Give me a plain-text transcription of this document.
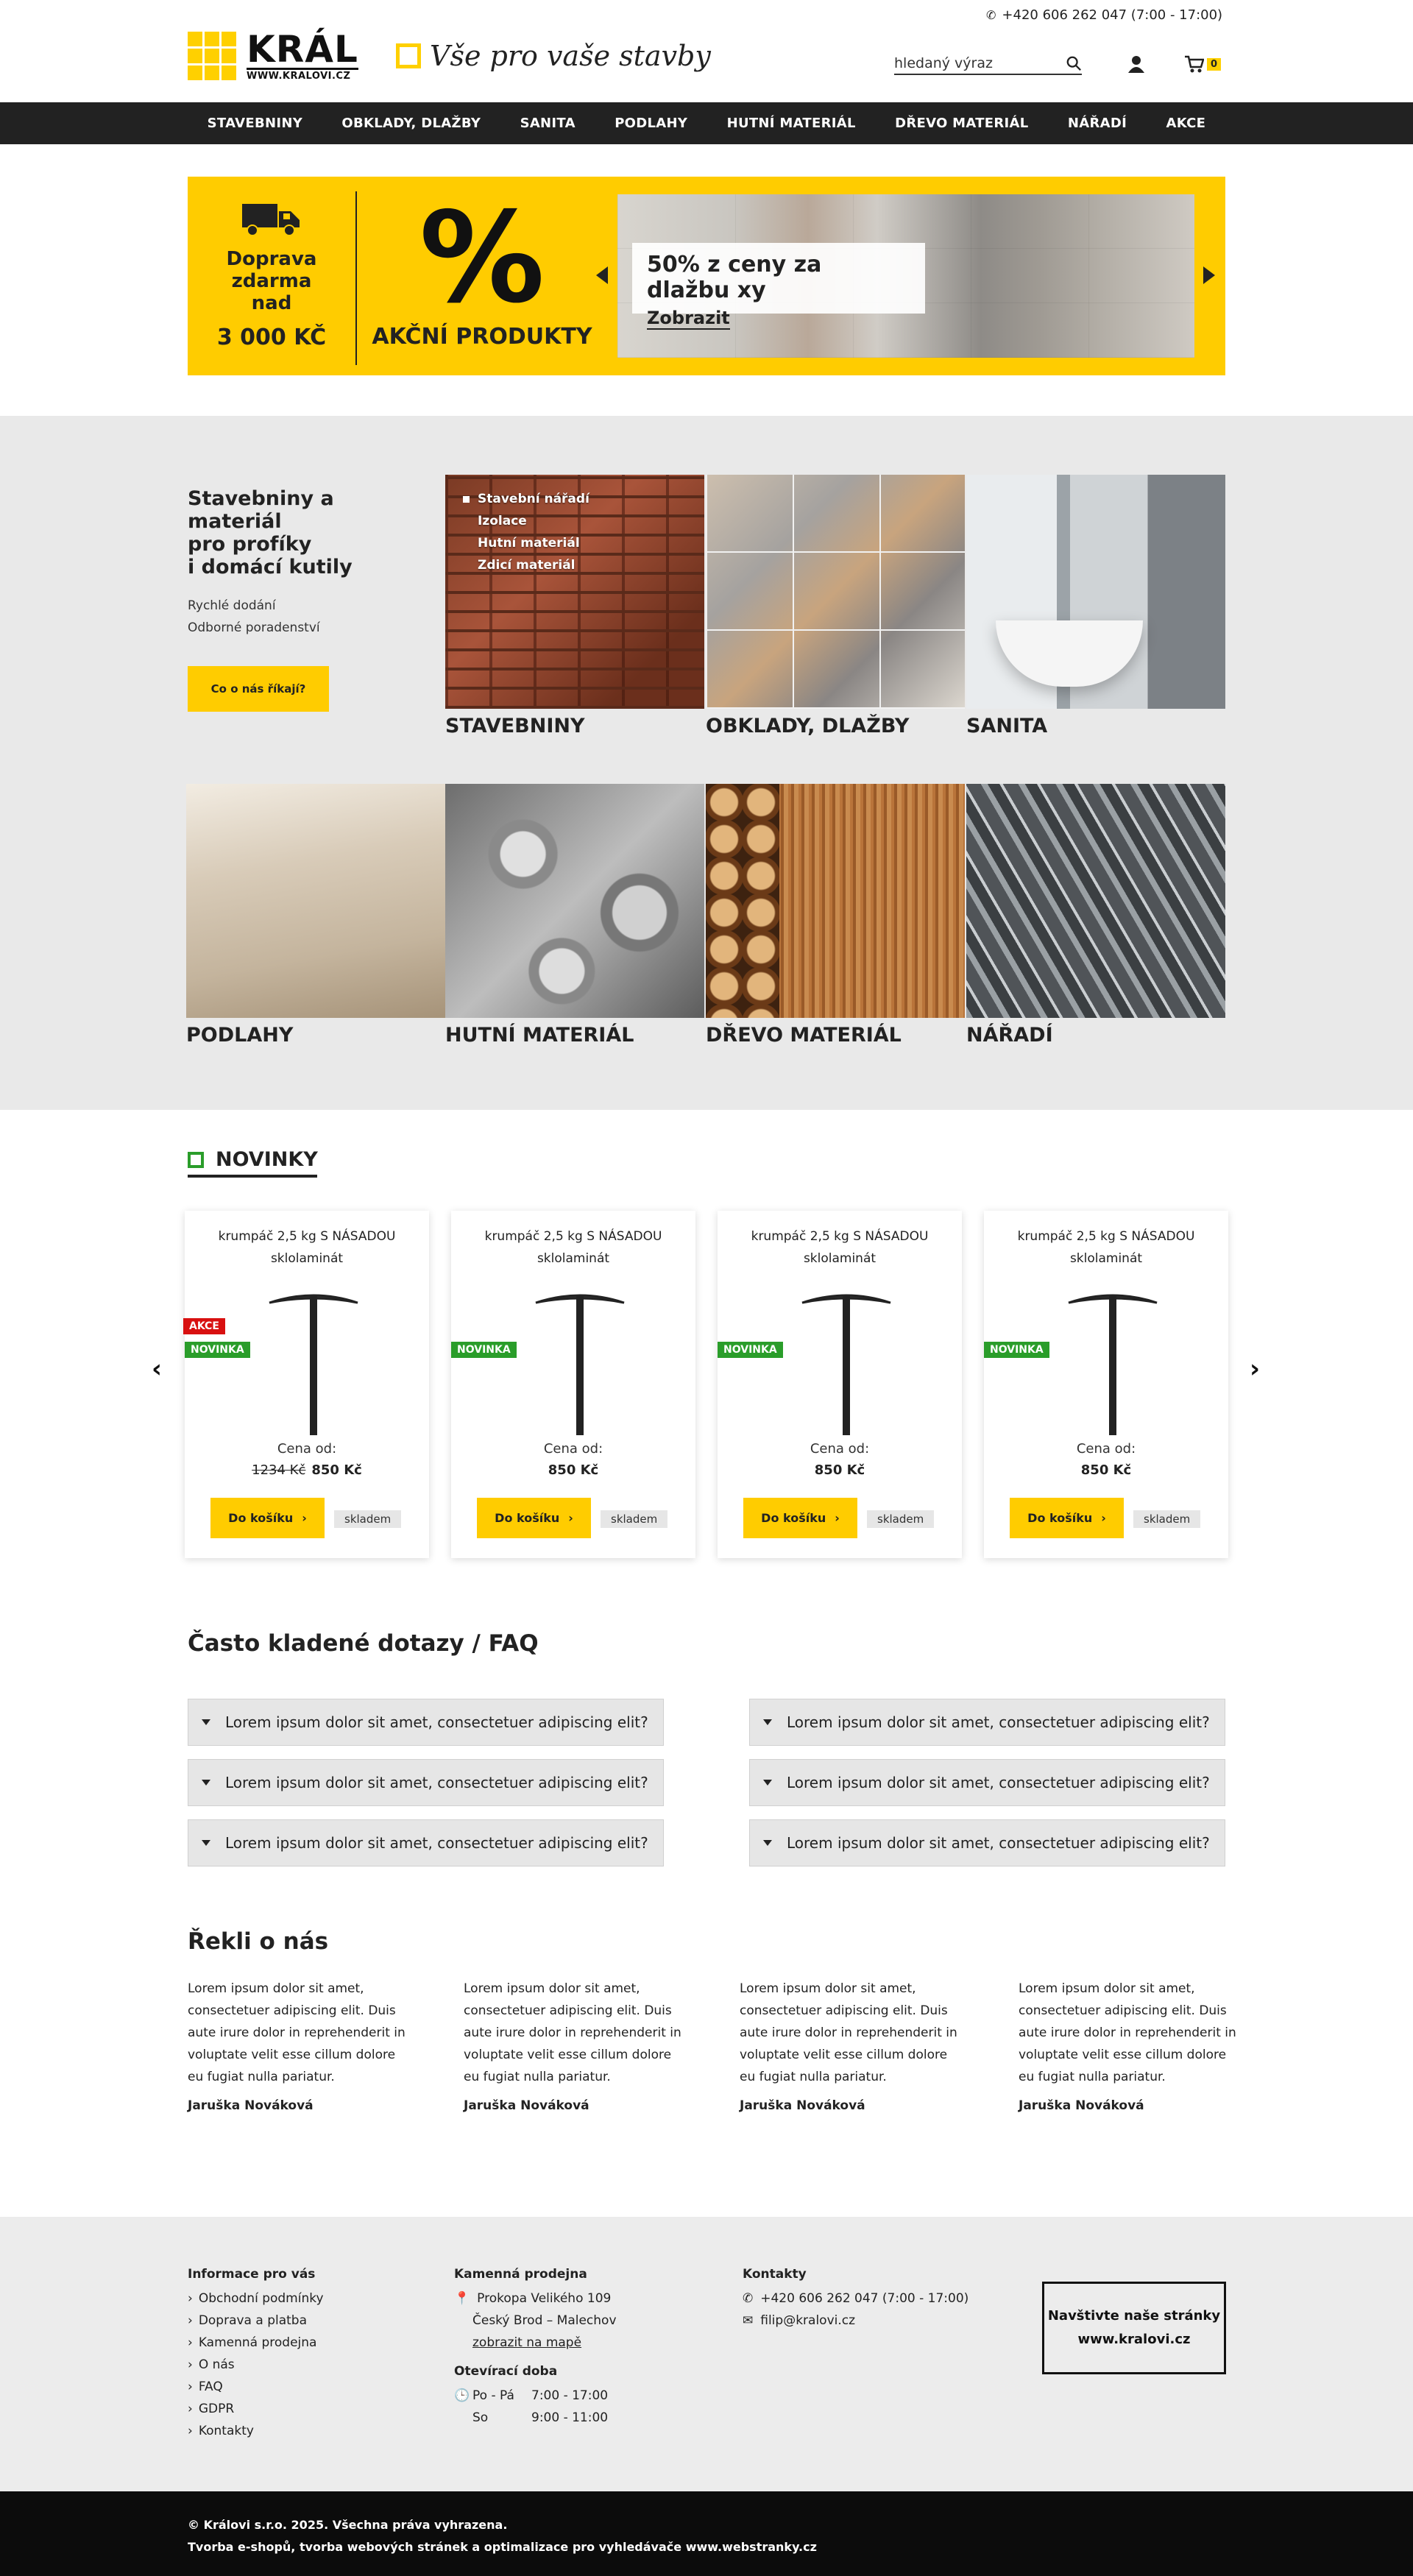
✆ +420 606 262 047 (7:00 - 17:00)
KRÁL
WWW.KRALOVI.CZ
Vše pro vaše stavby
hledaný výraz	0
STAVEBNINY	OBKLADY, DLAŽBY	SANITA	PODLAHY	HUTNÍ MATERIÁL	DŘEVO MATERIÁL	NÁŘADÍ	AKCE
Doprava
zdarma
nad
3 000 KČ
%
AKČNÍ PRODUKTY
50% z ceny za dlažbu xy
Zobrazit
Stavebniny a materiál
pro profíky
i domácí kutily

Rychlé dodání

Odborné poradenství

Co o nás říkají?
Stavební nářadí
Izolace
Hutní materiál
Zdicí materiál
STAVEBNINY	OBKLADY, DLAŽBY	SANITA
PODLAHY	HUTNÍ MATERIÁL	DŘEVO MATERIÁL	NÁŘADÍ
NOVINKY
‹	›
krumpáč 2,5 kg S NÁSADOU sklolaminát
AKCE
NOVINKA
Cena od:
1234 Kč 850 Kč
Do košíku ›	skladem
krumpáč 2,5 kg S NÁSADOU sklolaminát
NOVINKA
Cena od:
850 Kč
Do košíku ›	skladem
krumpáč 2,5 kg S NÁSADOU sklolaminát
NOVINKA
Cena od:
850 Kč
Do košíku ›	skladem
krumpáč 2,5 kg S NÁSADOU sklolaminát
NOVINKA
Cena od:
850 Kč
Do košíku ›	skladem
Často kladené dotazy / FAQ
Lorem ipsum dolor sit amet, consectetuer adipiscing elit?
Lorem ipsum dolor sit amet, consectetuer adipiscing elit?
Lorem ipsum dolor sit amet, consectetuer adipiscing elit?
Lorem ipsum dolor sit amet, consectetuer adipiscing elit?
Lorem ipsum dolor sit amet, consectetuer adipiscing elit?
Lorem ipsum dolor sit amet, consectetuer adipiscing elit?
Řekli o nás

Lorem ipsum dolor sit amet, consectetuer adipiscing elit. Duis aute irure dolor in reprehenderit in voluptate velit esse cillum dolore eu fugiat nulla pariatur.

Jaruška Nováková

Lorem ipsum dolor sit amet, consectetuer adipiscing elit. Duis aute irure dolor in reprehenderit in voluptate velit esse cillum dolore eu fugiat nulla pariatur.

Jaruška Nováková

Lorem ipsum dolor sit amet, consectetuer adipiscing elit. Duis aute irure dolor in reprehenderit in voluptate velit esse cillum dolore eu fugiat nulla pariatur.

Jaruška Nováková

Lorem ipsum dolor sit amet, consectetuer adipiscing elit. Duis aute irure dolor in reprehenderit in voluptate velit esse cillum dolore eu fugiat nulla pariatur.

Jaruška Nováková
Informace pro vás
› Obchodní podmínky
› Doprava a platba
› Kamenná prodejna
› O nás
› FAQ
› GDPR
› Kontakty
Kamenná prodejna
📍 Prokopa Velikého 109
Český Brod – Malechov
zobrazit na mapě
Otevírací doba
🕒 Po - Pá	7:00 - 17:00
So	9:00 - 11:00
Kontakty
✆ +420 606 262 047 (7:00 - 17:00)
✉ filip@kralovi.cz	Navštivte naše stránky
www.kralovi.cz

© Královi s.r.o. 2025. Všechna práva vyhrazena.

Tvorba e-shopů, tvorba webových stránek a optimalizace pro vyhledávače www.webstranky.cz
